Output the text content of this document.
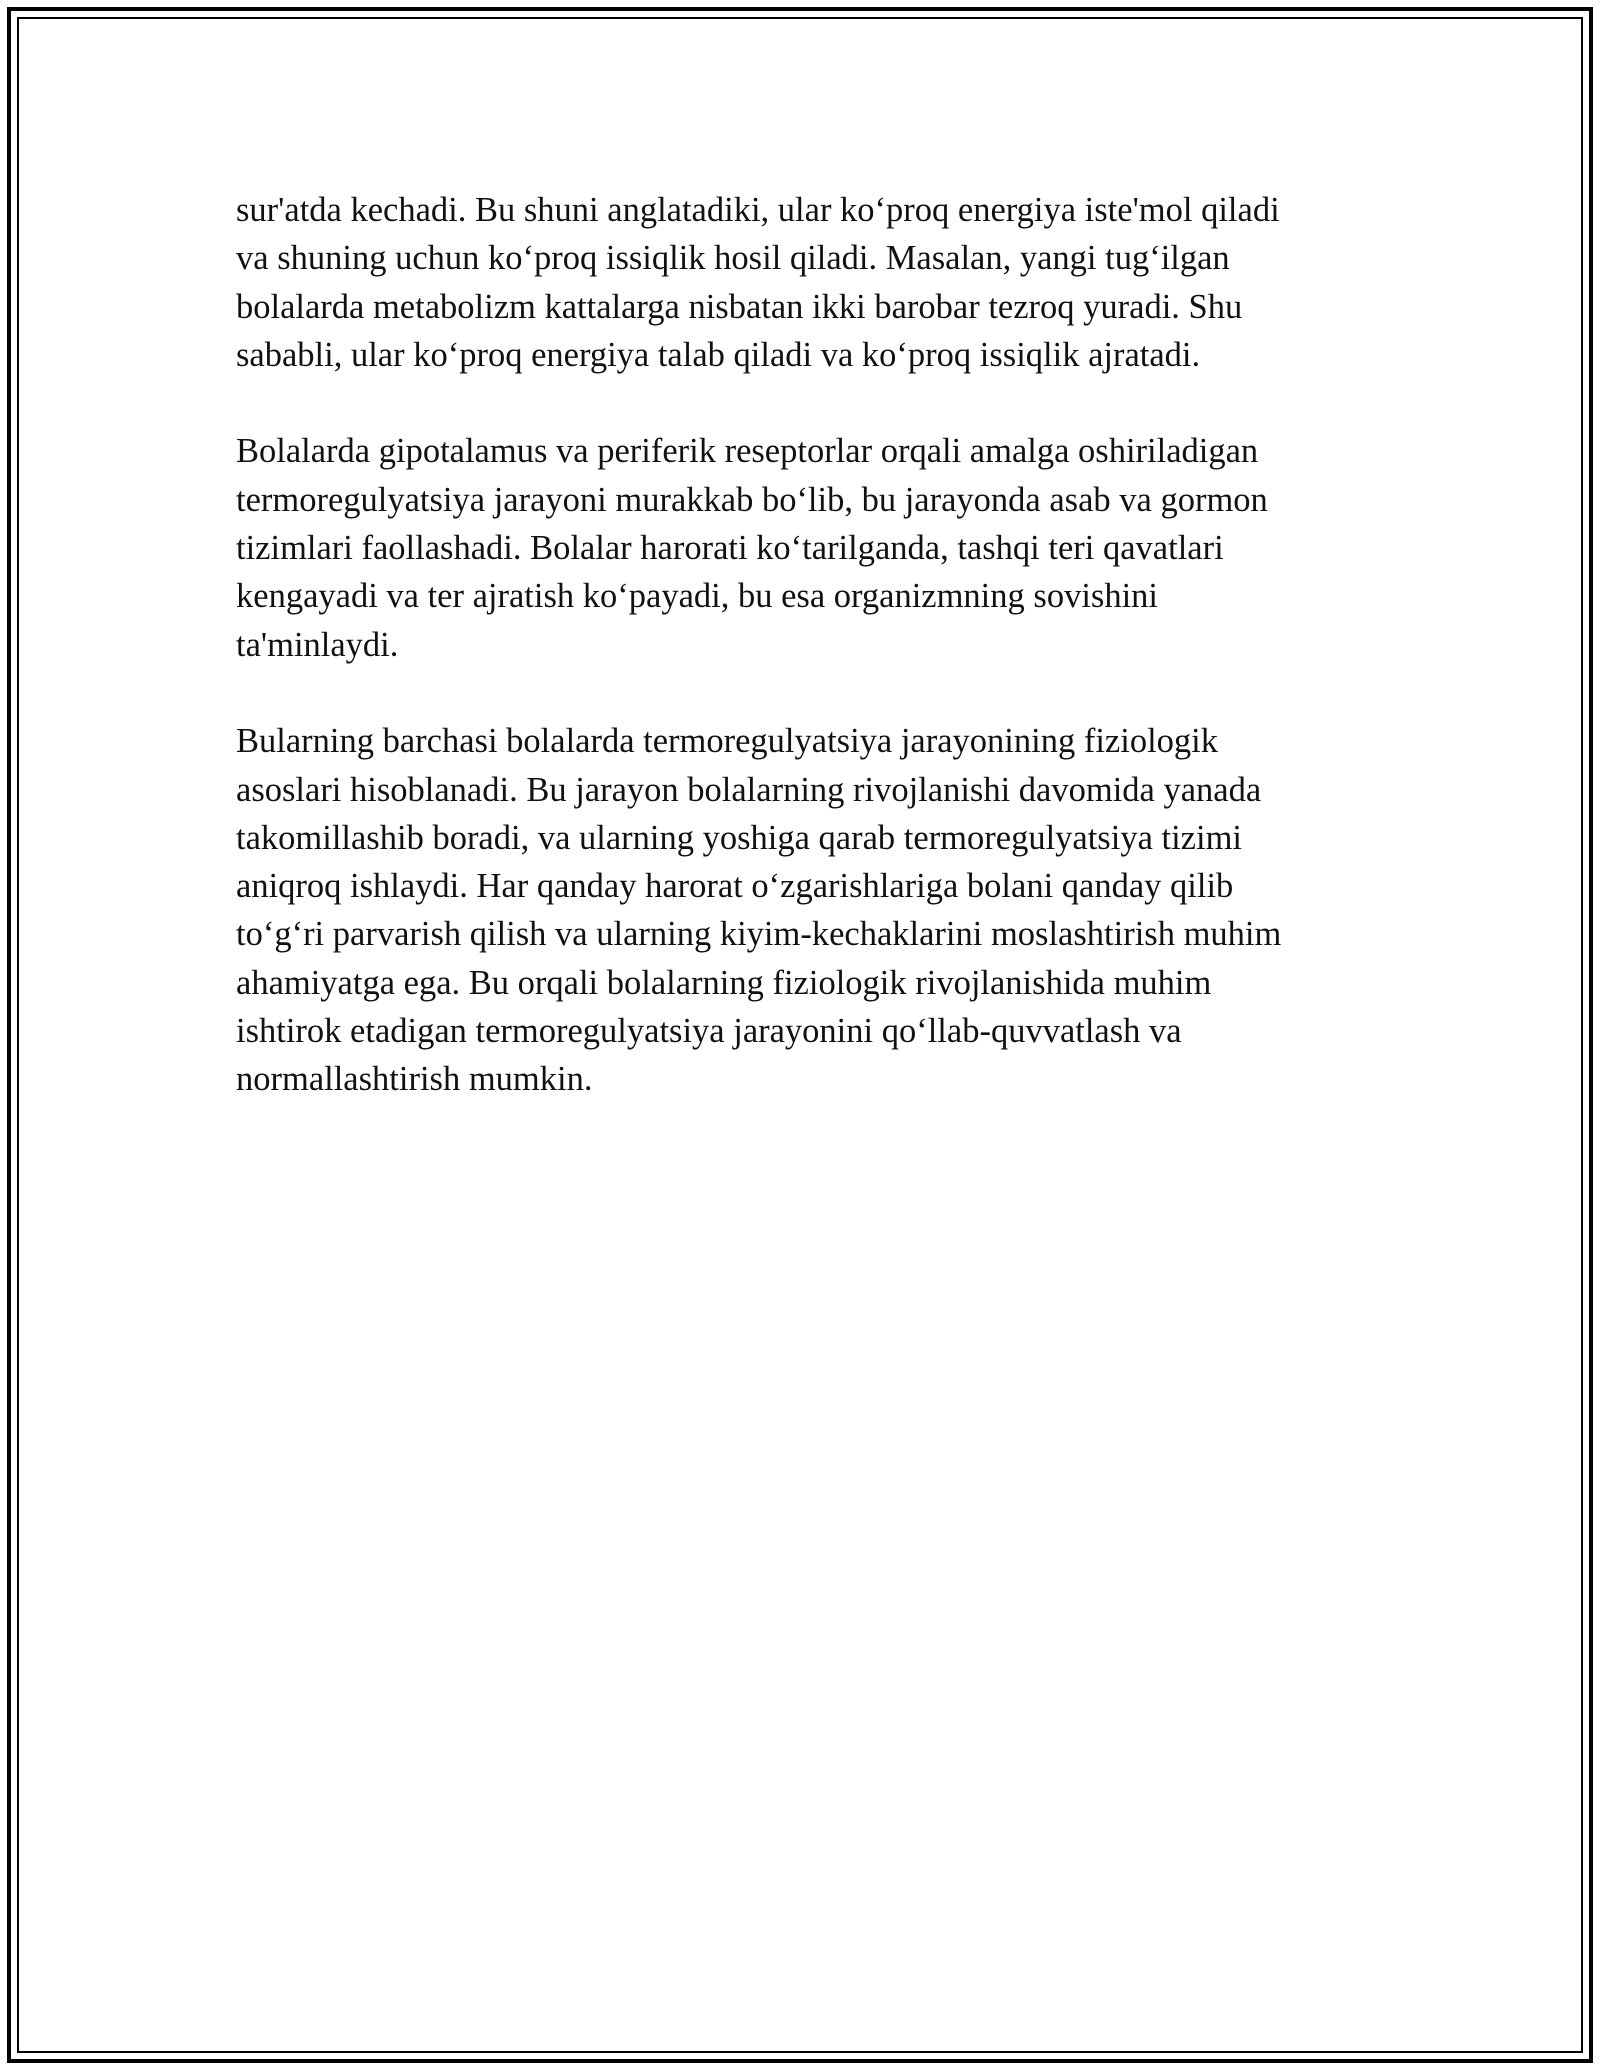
sur'atda kechadi. Bu shuni anglatadiki, ular ko‘proq energiya iste'mol qiladi
va shuning uchun ko‘proq issiqlik hosil qiladi. Masalan, yangi tug‘ilgan
bolalarda metabolizm kattalarga nisbatan ikki barobar tezroq yuradi. Shu
sababli, ular ko‘proq energiya talab qiladi va ko‘proq issiqlik ajratadi.

Bolalarda gipotalamus va periferik reseptorlar orqali amalga oshiriladigan
termoregulyatsiya jarayoni murakkab bo‘lib, bu jarayonda asab va gormon
tizimlari faollashadi. Bolalar harorati ko‘tarilganda, tashqi teri qavatlari
kengayadi va ter ajratish ko‘payadi, bu esa organizmning sovishini
ta'minlaydi.

Bularning barchasi bolalarda termoregulyatsiya jarayonining fiziologik
asoslari hisoblanadi. Bu jarayon bolalarning rivojlanishi davomida yanada
takomillashib boradi, va ularning yoshiga qarab termoregulyatsiya tizimi
aniqroq ishlaydi. Har qanday harorat o‘zgarishlariga bolani qanday qilib
to‘g‘ri parvarish qilish va ularning kiyim-kechaklarini moslashtirish muhim
ahamiyatga ega. Bu orqali bolalarning fiziologik rivojlanishida muhim
ishtirok etadigan termoregulyatsiya jarayonini qo‘llab-quvvatlash va
normallashtirish mumkin.
